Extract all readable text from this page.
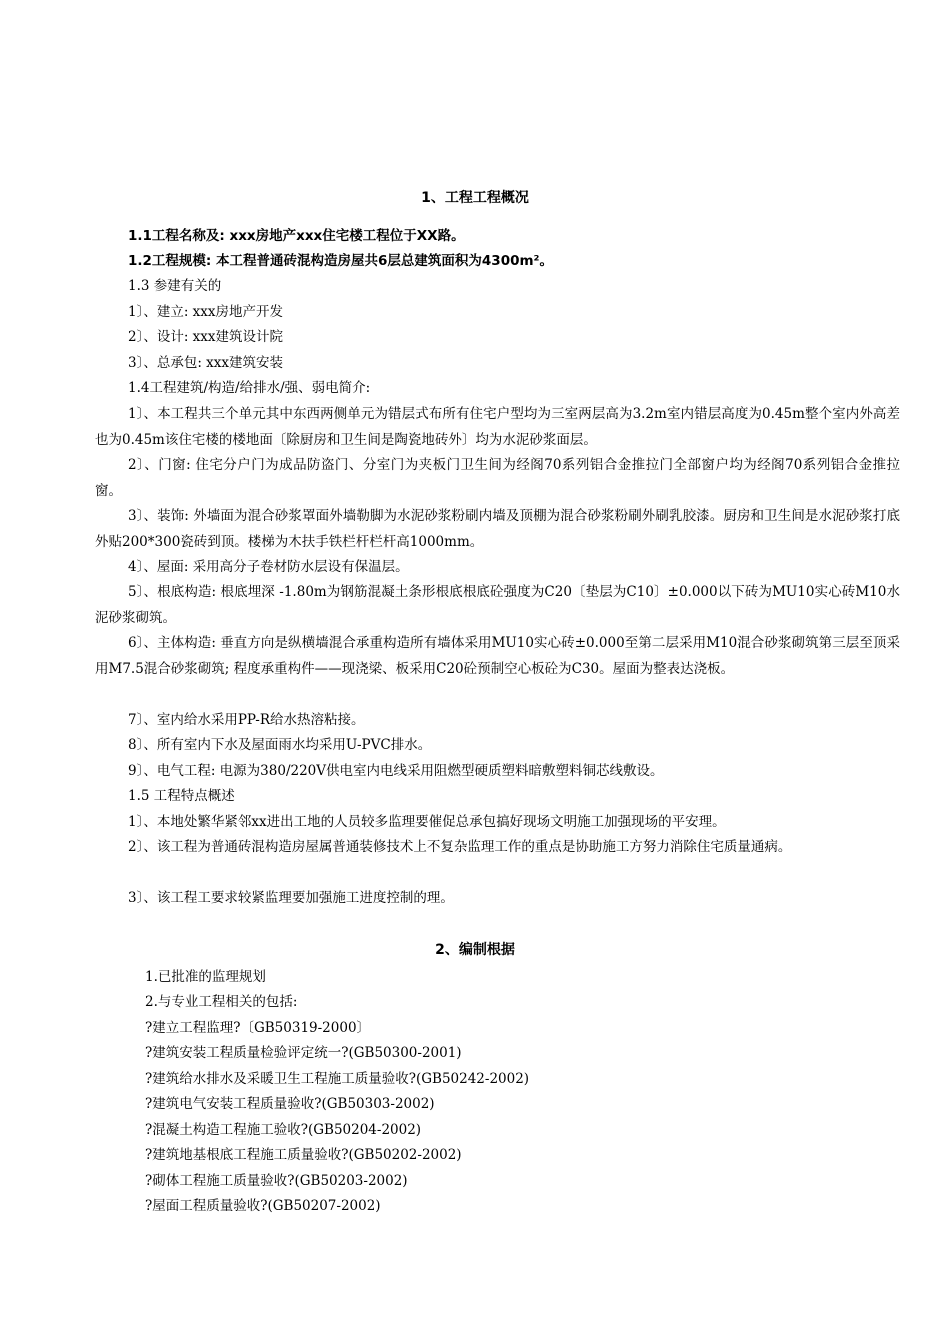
1、工程工程概况
1.1工程名称及: xxx房地产xxx住宅楼工程位于XX路。
1.2工程规模: 本工程普通砖混构造房屋共6层总建筑面积为4300m²。
1.3 参建有关的
1〕、建立: xxx房地产开发
2〕、设计: xxx建筑设计院
3〕、总承包: xxx建筑安装
1.4工程建筑/构造/给排水/强、弱电简介:
1〕、本工程共三个单元其中东西两侧单元为错层式布所有住宅户型均为三室两层高为3.2m室内错层高度为0.45m整个室内外高差也为0.45m该住宅楼的楼地面〔除厨房和卫生间是陶瓷地砖外〕均为水泥砂浆面层。
2〕、门窗: 住宅分户门为成品防盗门、分室门为夹板门卫生间为经阁70系列铝合金推拉门全部窗户均为经阁70系列铝合金推拉窗。
3〕、装饰: 外墙面为混合砂浆罩面外墙勒脚为水泥砂浆粉刷内墙及顶棚为混合砂浆粉刷外刷乳胶漆。厨房和卫生间是水泥砂浆打底外贴200*300瓷砖到顶。楼梯为木扶手铁栏杆栏杆高1000mm。
4〕、屋面: 采用高分子卷材防水层设有保温层。
5〕、根底构造: 根底埋深 -1.80m为钢筋混凝土条形根底根底砼强度为C20〔垫层为C10〕±0.000以下砖为MU10实心砖M10水泥砂浆砌筑。
6〕、主体构造: 垂直方向是纵横墙混合承重构造所有墙体采用MU10实心砖±0.000至第二层采用M10混合砂浆砌筑第三层至顶采用M7.5混合砂浆砌筑; 程度承重构件——现浇梁、板采用C20砼预制空心板砼为C30。屋面为整表达浇板。
7〕、室内给水采用PP-R给水热溶粘接。
8〕、所有室内下水及屋面雨水均采用U-PVC排水。
9〕、电气工程: 电源为380/220V供电室内电线采用阻燃型硬质塑料暗敷塑料铜芯线敷设。
1.5 工程特点概述
1〕、本地处繁华紧邻xx进出工地的人员较多监理要催促总承包搞好现场文明施工加强现场的平安理。
2〕、该工程为普通砖混构造房屋属普通装修技术上不复杂监理工作的重点是协助施工方努力消除住宅质量通病。
3〕、该工程工要求较紧监理要加强施工进度控制的理。
2、编制根据
1.已批准的监理规划
2.与专业工程相关的包括:
?建立工程监理?〔GB50319-2000〕
?建筑安装工程质量检验评定统一?(GB50300-2001)
?建筑给水排水及采暖卫生工程施工质量验收?(GB50242-2002)
?建筑电气安装工程质量验收?(GB50303-2002)
?混凝土构造工程施工验收?(GB50204-2002)
?建筑地基根底工程施工质量验收?(GB50202-2002)
?砌体工程施工质量验收?(GB50203-2002)
?屋面工程质量验收?(GB50207-2002)
